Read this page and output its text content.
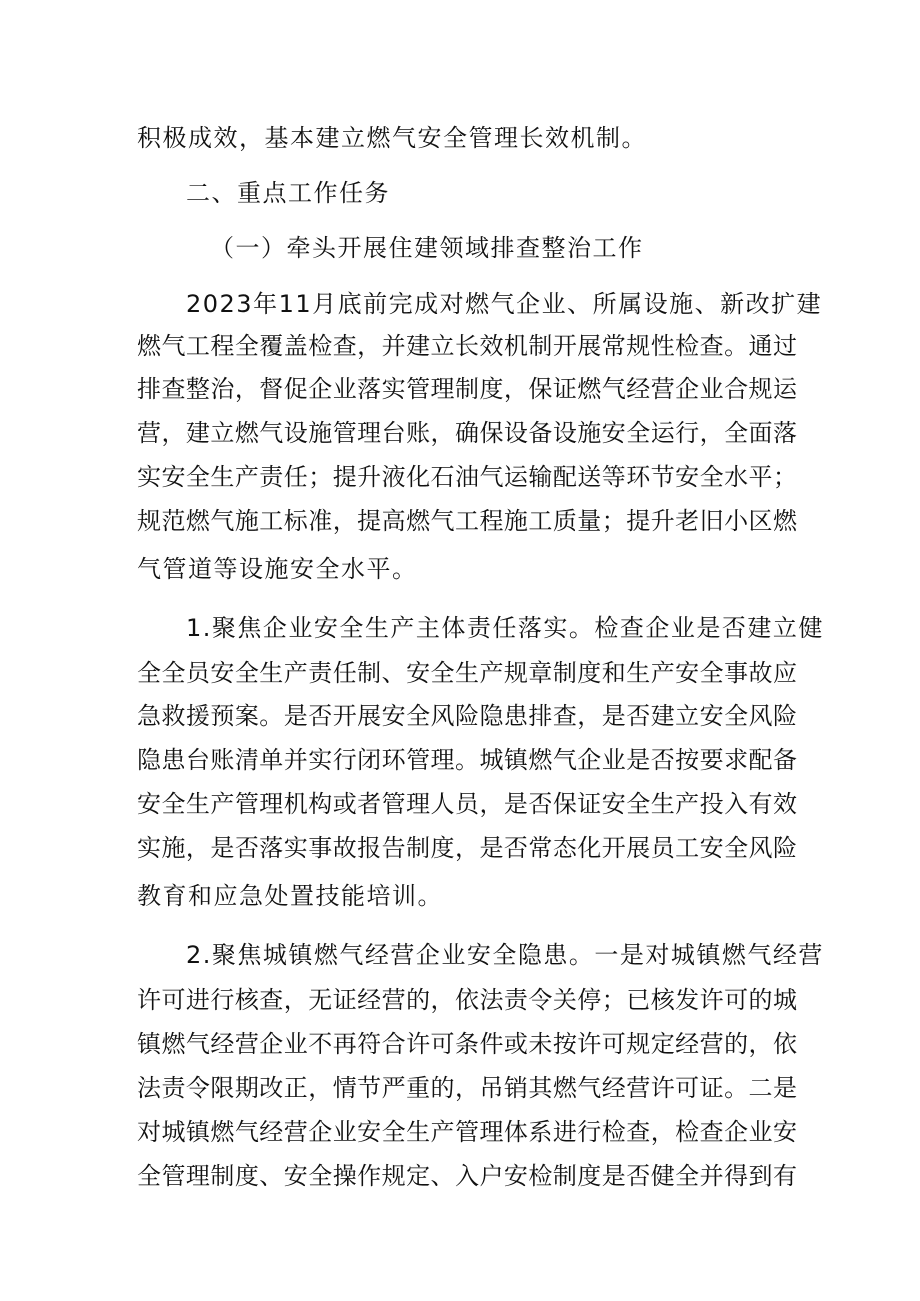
积极成效，基本建立燃气安全管理长效机制。
二、重点工作任务
（一）牵头开展住建领域排查整治工作
2023年11月底前完成对燃气企业、所属设施、新改扩建
燃气工程全覆盖检查，并建立长效机制开展常规性检查。通过
排查整治，督促企业落实管理制度，保证燃气经营企业合规运
营，建立燃气设施管理台账，确保设备设施安全运行，全面落
实安全生产责任；提升液化石油气运输配送等环节安全水平；
规范燃气施工标准，提高燃气工程施工质量；提升老旧小区燃
气管道等设施安全水平。
1.聚焦企业安全生产主体责任落实。检查企业是否建立健
全全员安全生产责任制、安全生产规章制度和生产安全事故应
急救援预案。是否开展安全风险隐患排查，是否建立安全风险
隐患台账清单并实行闭环管理。城镇燃气企业是否按要求配备
安全生产管理机构或者管理人员，是否保证安全生产投入有效
实施，是否落实事故报告制度，是否常态化开展员工安全风险
教育和应急处置技能培训。
2.聚焦城镇燃气经营企业安全隐患。一是对城镇燃气经营
许可进行核查，无证经营的，依法责令关停；已核发许可的城
镇燃气经营企业不再符合许可条件或未按许可规定经营的，依
法责令限期改正，情节严重的，吊销其燃气经营许可证。二是
对城镇燃气经营企业安全生产管理体系进行检查，检查企业安
全管理制度、安全操作规定、入户安检制度是否健全并得到有
